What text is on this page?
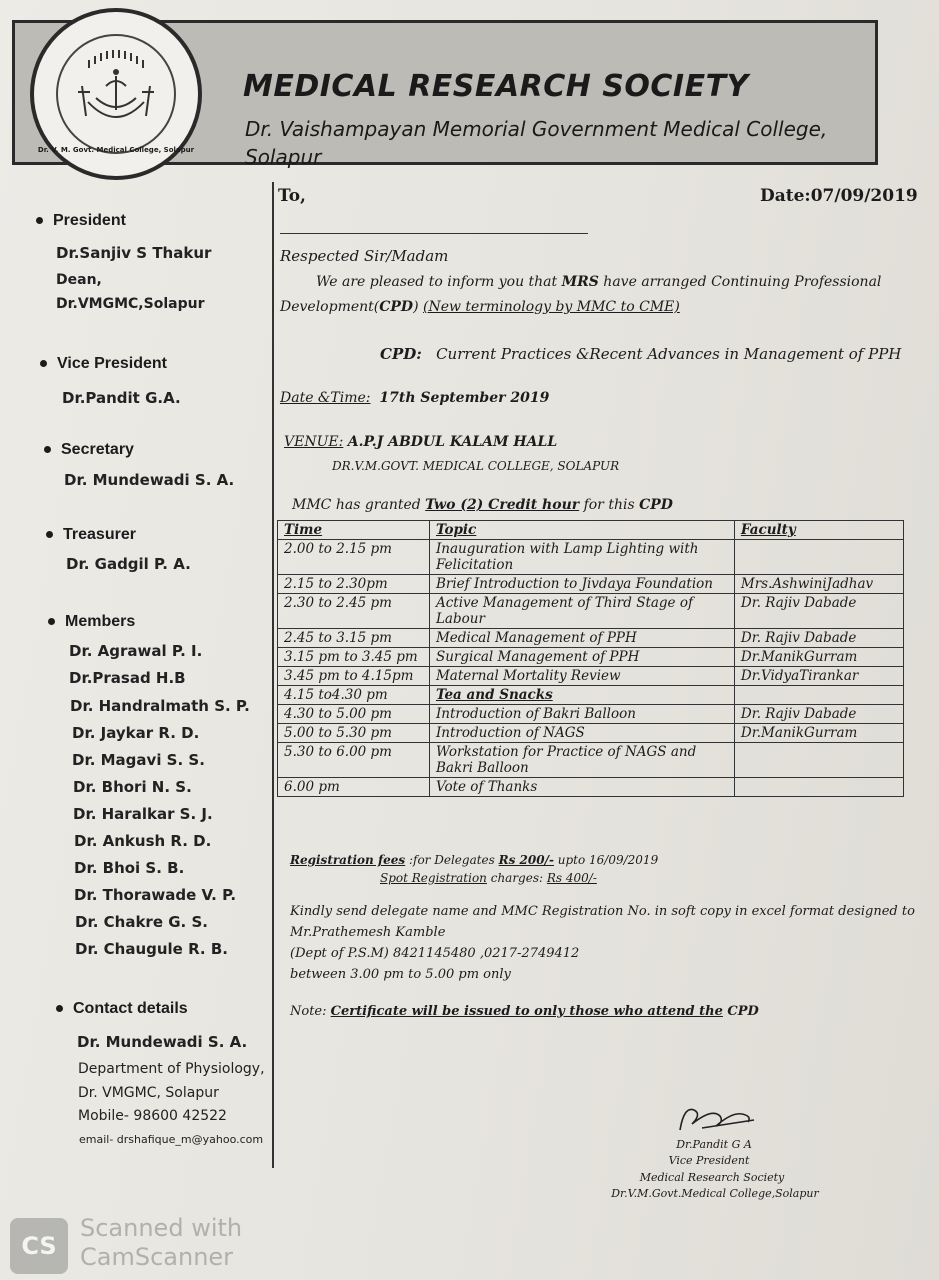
MEDICAL RESEARCH SOCIETY
Dr. Vaishampayan Memorial Government Medical College,
Solapur
Dr. V. M. Govt. Medical College, Solapur
President
Dr.Sanjiv S Thakur
Dean,
Dr.VMGMC,Solapur
Vice President
Dr.Pandit G.A.
Secretary
Dr. Mundewadi S. A.
Treasurer
Dr. Gadgil P. A.
Members
Dr. Agrawal P. I.
Dr.Prasad H.B
Dr. Handralmath S. P.
Dr. Jaykar R. D.
Dr. Magavi S. S.
Dr. Bhori N. S.
Dr. Haralkar S. J.
Dr. Ankush R. D.
Dr. Bhoi S. B.
Dr. Thorawade V. P.
Dr. Chakre G. S.
Dr. Chaugule R. B.
Contact details
Dr. Mundewadi S. A.
Department of Physiology,
Dr. VMGMC, Solapur
Mobile- 98600 42522
email- drshafique_m@yahoo.com
To,	Date:07/09/2019
Respected Sir/Madam
We are pleased to inform you that MRS have arranged Continuing Professional
Development(CPD) (New terminology by MMC to CME)
CPD: Current Practices &Recent Advances in Management of PPH
Date &Time: 17th September 2019
VENUE: A.P.J ABDUL KALAM HALL
DR.V.M.GOVT. MEDICAL COLLEGE, SOLAPUR
MMC has granted Two (2) Credit hour for this CPD
Time	Topic	Faculty
2.00 to 2.15 pm	Inauguration with Lamp Lighting with Felicitation	
2.15 to 2.30pm	Brief Introduction to Jivdaya Foundation	Mrs.AshwiniJadhav
2.30 to 2.45 pm	Active Management of Third Stage of Labour	Dr. Rajiv Dabade
2.45 to 3.15 pm	Medical Management of PPH	Dr. Rajiv Dabade
3.15 pm to 3.45 pm	Surgical Management of PPH	Dr.ManikGurram
3.45 pm to 4.15pm	Maternal Mortality Review	Dr.VidyaTirankar
4.15 to4.30 pm	Tea and Snacks	
4.30 to 5.00 pm	Introduction of Bakri Balloon	Dr. Rajiv Dabade
5.00 to 5.30 pm	Introduction of NAGS	Dr.ManikGurram
5.30 to 6.00 pm	Workstation for Practice of NAGS and Bakri Balloon	
6.00 pm	Vote of Thanks	
Registration fees :for Delegates Rs 200/- upto 16/09/2019
Spot Registration charges: Rs 400/-
Kindly send delegate name and MMC Registration No. in soft copy in excel format designed to
Mr.Prathemesh Kamble
(Dept of P.S.M) 8421145480 ,0217-2749412
between 3.00 pm to 5.00 pm only
Note: Certificate will be issued to only those who attend the CPD
Dr.Pandit G A
Vice President
Medical Research Society
Dr.V.M.Govt.Medical College,Solapur
CS
Scanned with
CamScanner
